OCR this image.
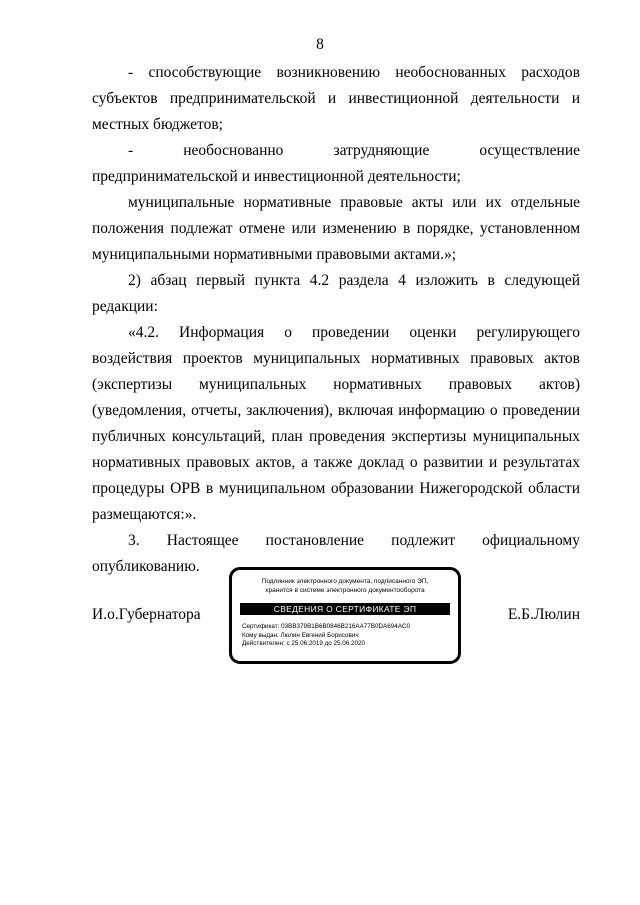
8

- способствующие возникновению необоснованных расходов субъектов предпринимательской и инвестиционной деятельности и местных бюджетов;

- необоснованно затрудняющие осуществление предпринимательской и инвестиционной деятельности;

муниципальные нормативные правовые акты или их отдельные положения подлежат отмене или изменению в порядке, установленном муниципальными нормативными правовыми актами.»;

2) абзац первый пункта 4.2 раздела 4 изложить в следующей редакции:

«4.2. Информация о проведении оценки регулирующего воздействия проектов муниципальных нормативных правовых актов (экспертизы муниципальных нормативных правовых актов) (уведомления, отчеты, заключения), включая информацию о проведении публичных консультаций, план проведения экспертизы муниципальных нормативных правовых актов, а также доклад о развитии и результатах процедуры ОРВ в муниципальном образовании Нижегородской области размещаются:».

3. Настоящее постановление подлежит официальному опубликованию.

И.о.Губернатора
Подлинник электронного документа, подписанного ЭП,
хранится в системе электронного документооборота
СВЕДЕНИЯ О СЕРТИФИКАТЕ ЭП
Сертификат: 03BB379B1B6B0846B216AA77B0DA694AC0
Кому выдан: Люлин Евгений Борисович
Действителен: с 25.06.2019 до 25.06.2020
Е.Б.Люлин
